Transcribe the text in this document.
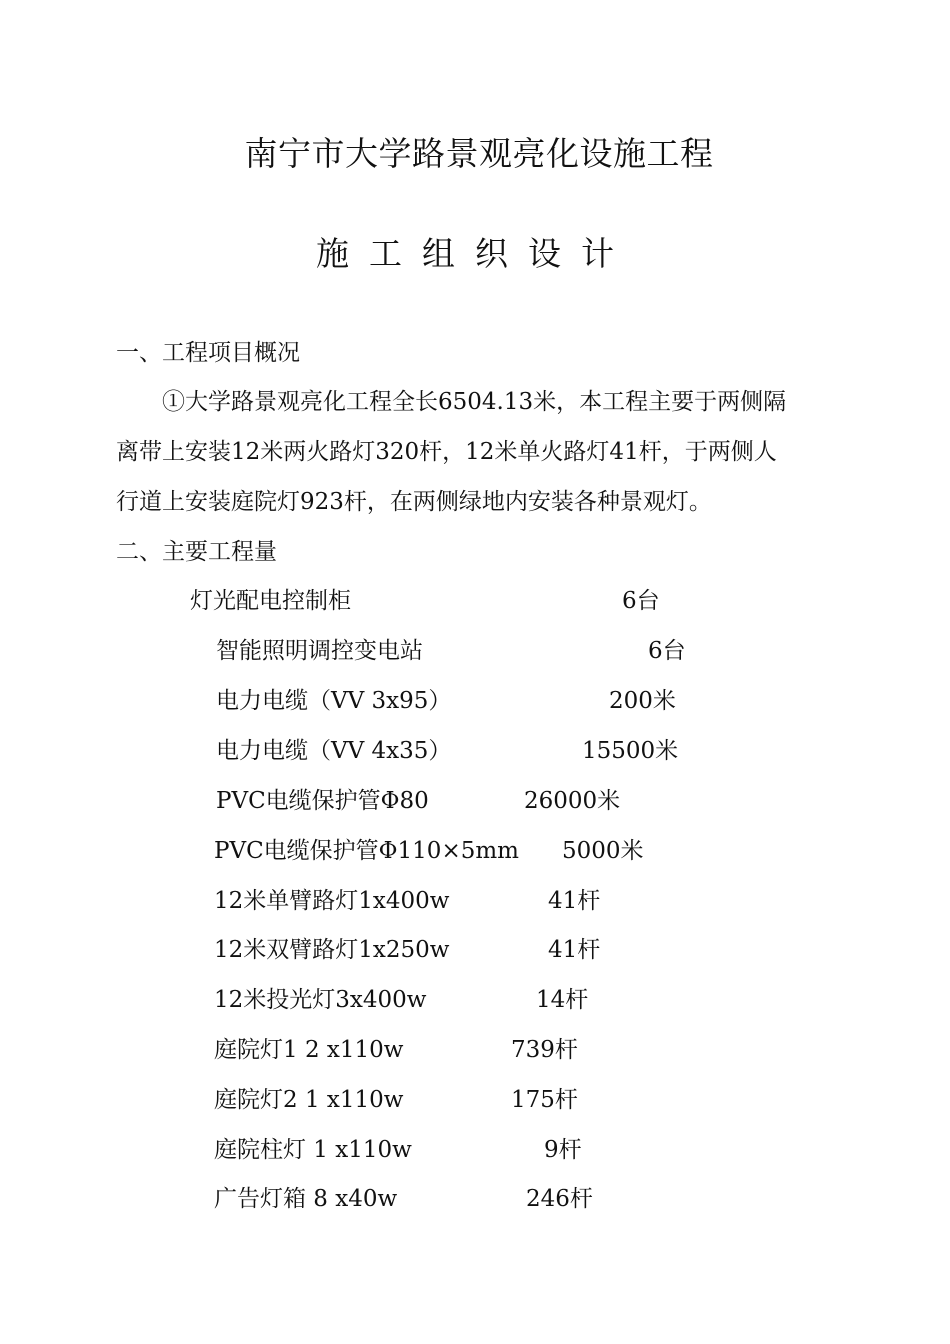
南宁市大学路景观亮化设施工程
施工组织设计
一、工程项目概况
①大学路景观亮化工程全长6504.13米，本工程主要于两侧隔
离带上安装12米两火路灯320杆，12米单火路灯41杆，于两侧人
行道上安装庭院灯923杆，在两侧绿地内安装各种景观灯。
二、主要工程量
灯光配电控制柜	6台
智能照明调控变电站	6台
电力电缆（VV 3x95）	200米
电力电缆（VV 4x35）	15500米
PVC电缆保护管Φ80	26000米
PVC电缆保护管Φ110×5mm 5000米
12米单臂路灯1x400w	41杆
12米双臂路灯1x250w	41杆
12米投光灯3x400w	14杆
庭院灯1 2 x110w	739杆
庭院灯2 1 x110w	175杆
庭院柱灯 1 x110w	9杆
广告灯箱 8 x40w	246杆
